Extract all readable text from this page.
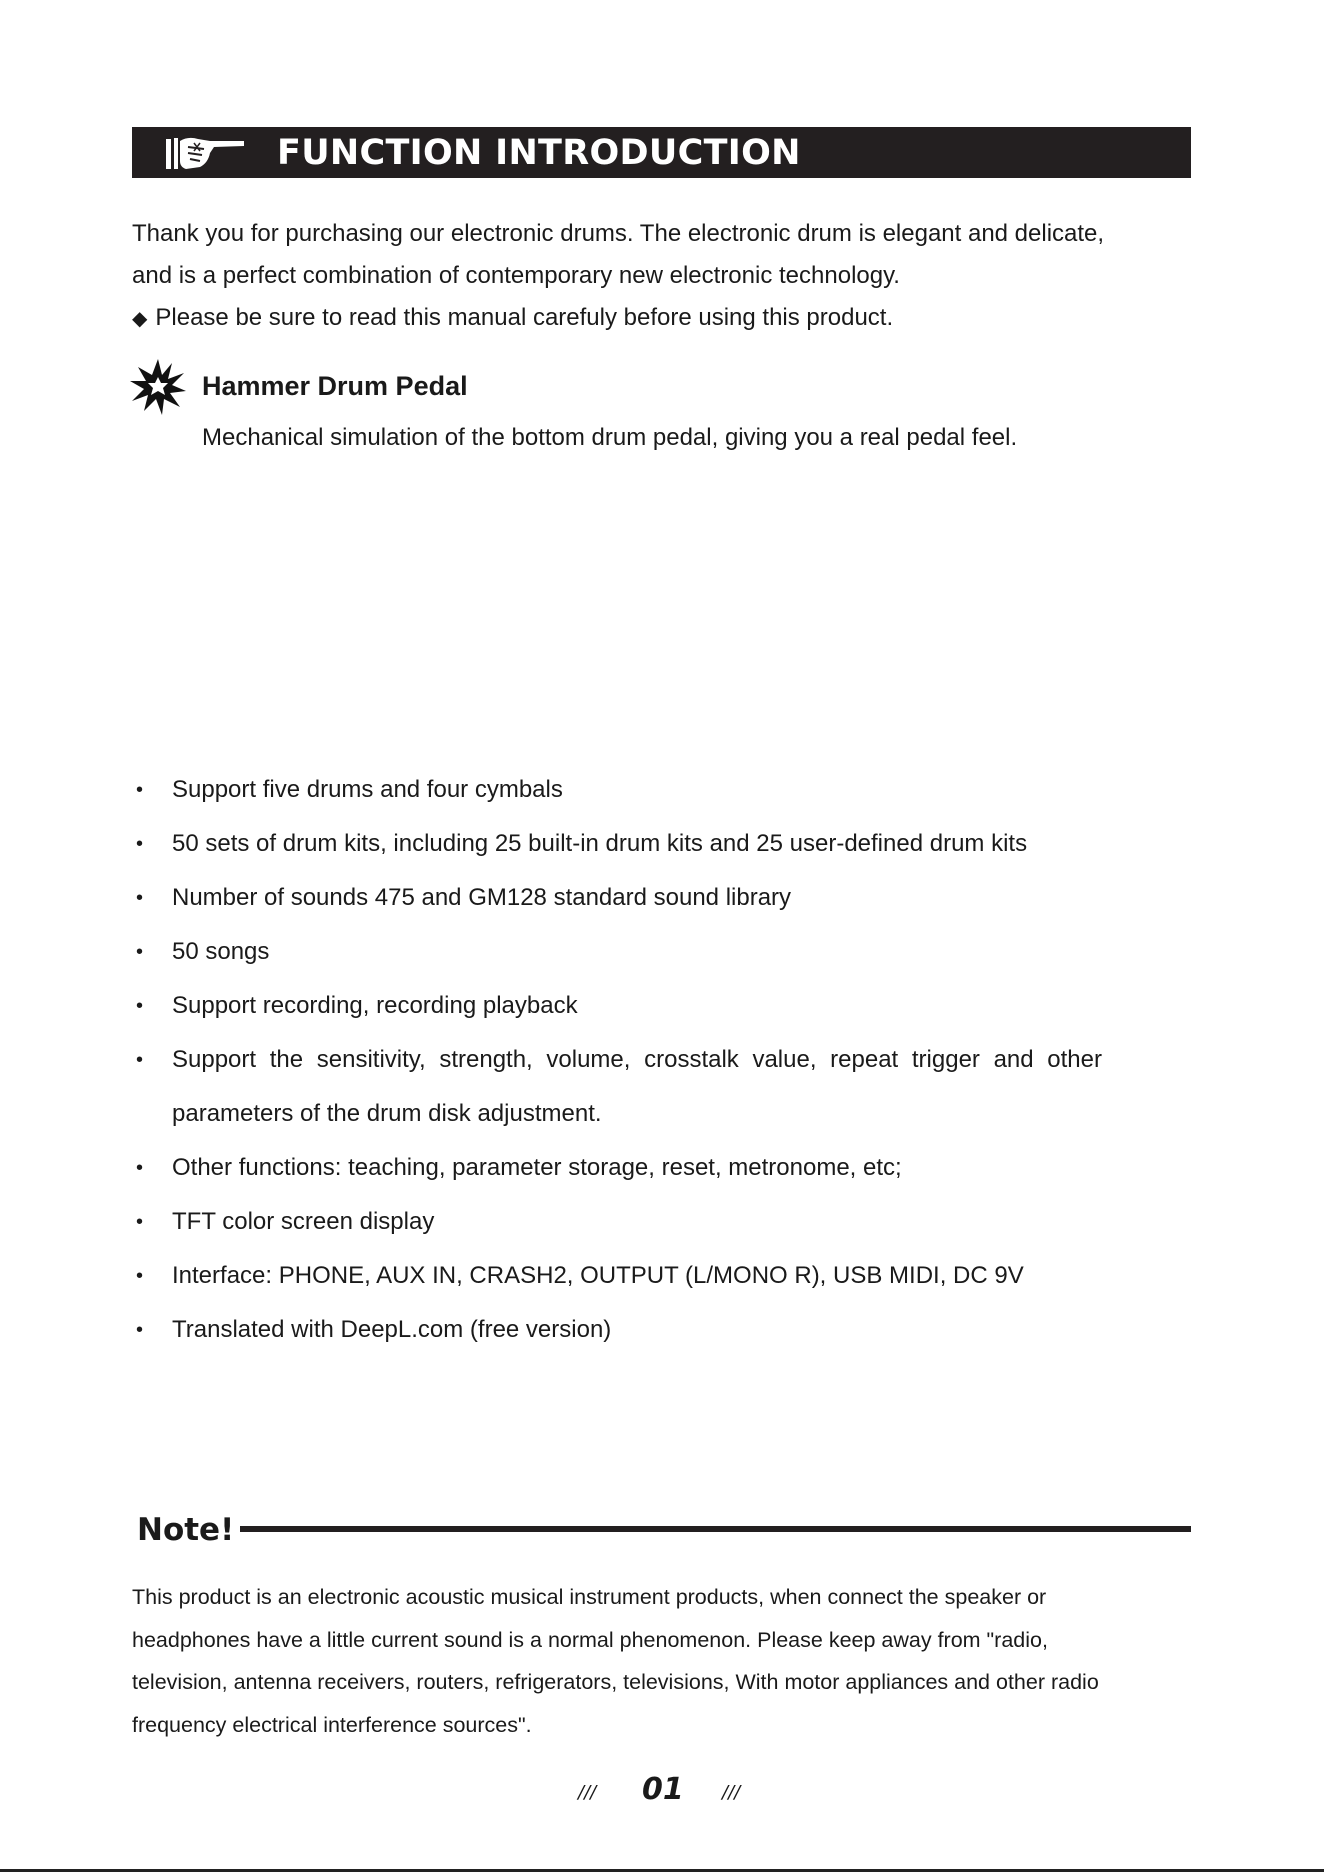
FUNCTION INTRODUCTION

Thank you for purchasing our electronic drums. The electronic drum is elegant and delicate,

and is a perfect combination of contemporary new electronic technology.

◆ Please be sure to read this manual carefuly before using this product.

Hammer Drum Pedal
Mechanical simulation of the bottom drum pedal, giving you a real pedal feel.
• Support five drums and four cymbals
• 50 sets of drum kits, including 25 built-in drum kits and 25 user-defined drum kits
• Number of sounds 475 and GM128 standard sound library
• 50 songs
• Support recording, recording playback
• Support the sensitivity, strength, volume, crosstalk value, repeat trigger and other
parameters of the drum disk adjustment.
• Other functions: teaching, parameter storage, reset, metronome, etc;
• TFT color screen display
• Interface: PHONE, AUX IN, CRASH2, OUTPUT (L/MONO R), USB MIDI, DC 9V
• Translated with DeepL.com (free version)
Note!

This product is an electronic acoustic musical instrument products, when connect the speaker or

headphones have a little current sound is a normal phenomenon. Please keep away from "radio,

television, antenna receivers, routers, refrigerators, televisions, With motor appliances and other radio

frequency electrical interference sources".

/// 01 ///
